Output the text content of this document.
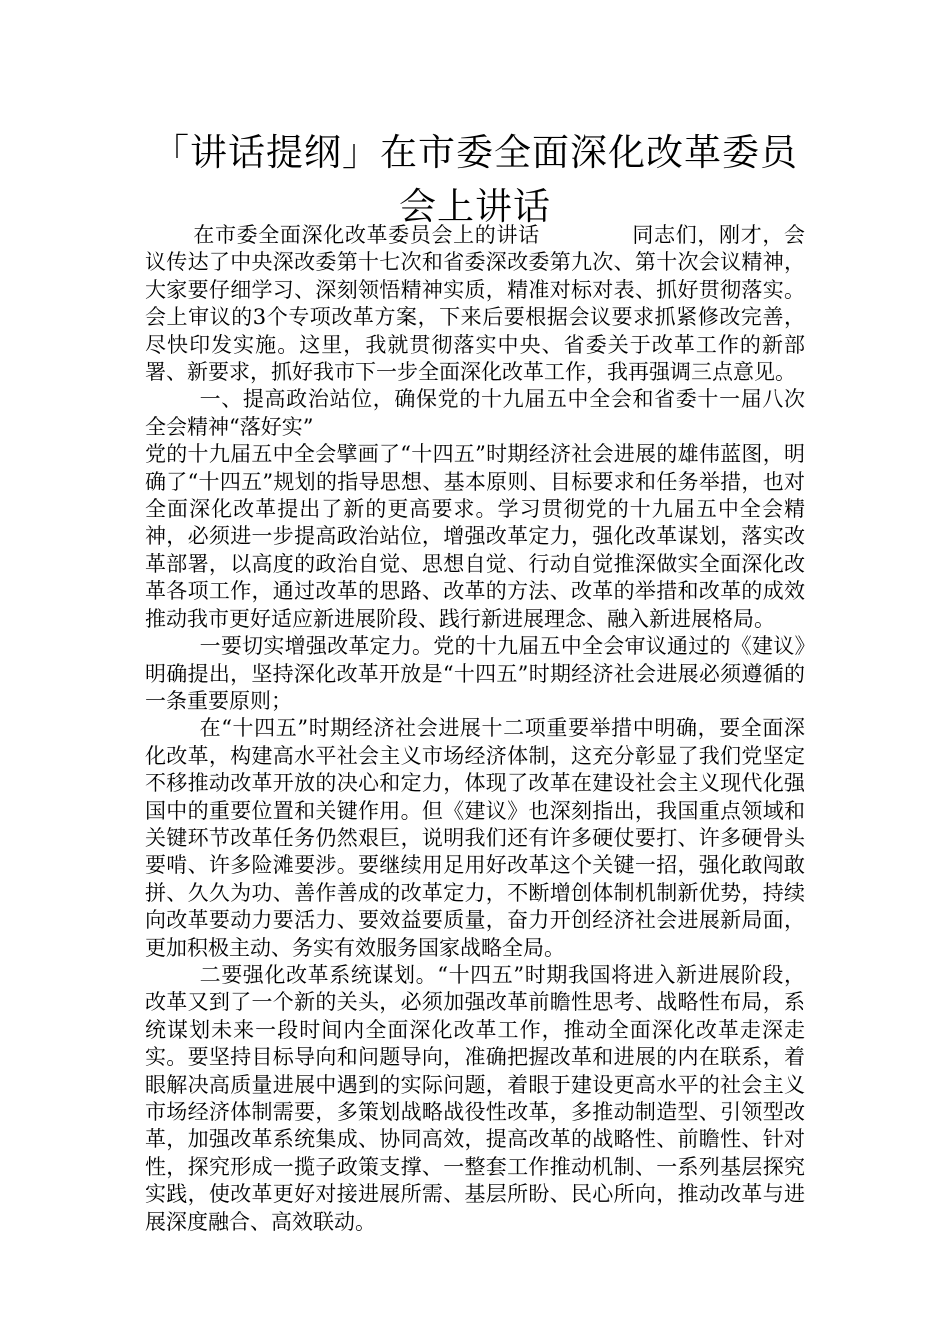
「讲话提纲」在市委全面深化改革委员会上讲话

在市委全面深化改革委员会上的讲话	同志们，刚才，会议传达了中央深改委第十七次和省委深改委第九次、第十次会议精神，大家要仔细学习、深刻领悟精神实质，精准对标对表、抓好贯彻落实。会上审议的3个专项改革方案，下来后要根据会议要求抓紧修改完善，尽快印发实施。这里，我就贯彻落实中央、省委关于改革工作的新部署、新要求，抓好我市下一步全面深化改革工作，我再强调三点意见。

一、提高政治站位，确保党的十九届五中全会和省委十一届八次全会精神“落好实”

党的十九届五中全会擘画了“十四五”时期经济社会进展的雄伟蓝图，明确了“十四五”规划的指导思想、基本原则、目标要求和任务举措，也对全面深化改革提出了新的更高要求。学习贯彻党的十九届五中全会精神，必须进一步提高政治站位，增强改革定力，强化改革谋划，落实改革部署，以高度的政治自觉、思想自觉、行动自觉推深做实全面深化改革各项工作，通过改革的思路、改革的方法、改革的举措和改革的成效推动我市更好适应新进展阶段、践行新进展理念、融入新进展格局。

一要切实增强改革定力。党的十九届五中全会审议通过的《建议》明确提出，坚持深化改革开放是“十四五”时期经济社会进展必须遵循的一条重要原则；

在“十四五”时期经济社会进展十二项重要举措中明确，要全面深化改革，构建高水平社会主义市场经济体制，这充分彰显了我们党坚定不移推动改革开放的决心和定力，体现了改革在建设社会主义现代化强国中的重要位置和关键作用。但《建议》也深刻指出，我国重点领域和关键环节改革任务仍然艰巨，说明我们还有许多硬仗要打、许多硬骨头要啃、许多险滩要涉。要继续用足用好改革这个关键一招，强化敢闯敢拼、久久为功、善作善成的改革定力，不断增创体制机制新优势，持续向改革要动力要活力、要效益要质量，奋力开创经济社会进展新局面，更加积极主动、务实有效服务国家战略全局。

二要强化改革系统谋划。“十四五”时期我国将进入新进展阶段，改革又到了一个新的关头，必须加强改革前瞻性思考、战略性布局，系统谋划未来一段时间内全面深化改革工作，推动全面深化改革走深走实。要坚持目标导向和问题导向，准确把握改革和进展的内在联系，着眼解决高质量进展中遇到的实际问题，着眼于建设更高水平的社会主义市场经济体制需要，多策划战略战役性改革，多推动制造型、引领型改革，加强改革系统集成、协同高效，提高改革的战略性、前瞻性、针对性，探究形成一揽子政策支撑、一整套工作推动机制、一系列基层探究实践，使改革更好对接进展所需、基层所盼、民心所向，推动改革与进展深度融合、高效联动。
